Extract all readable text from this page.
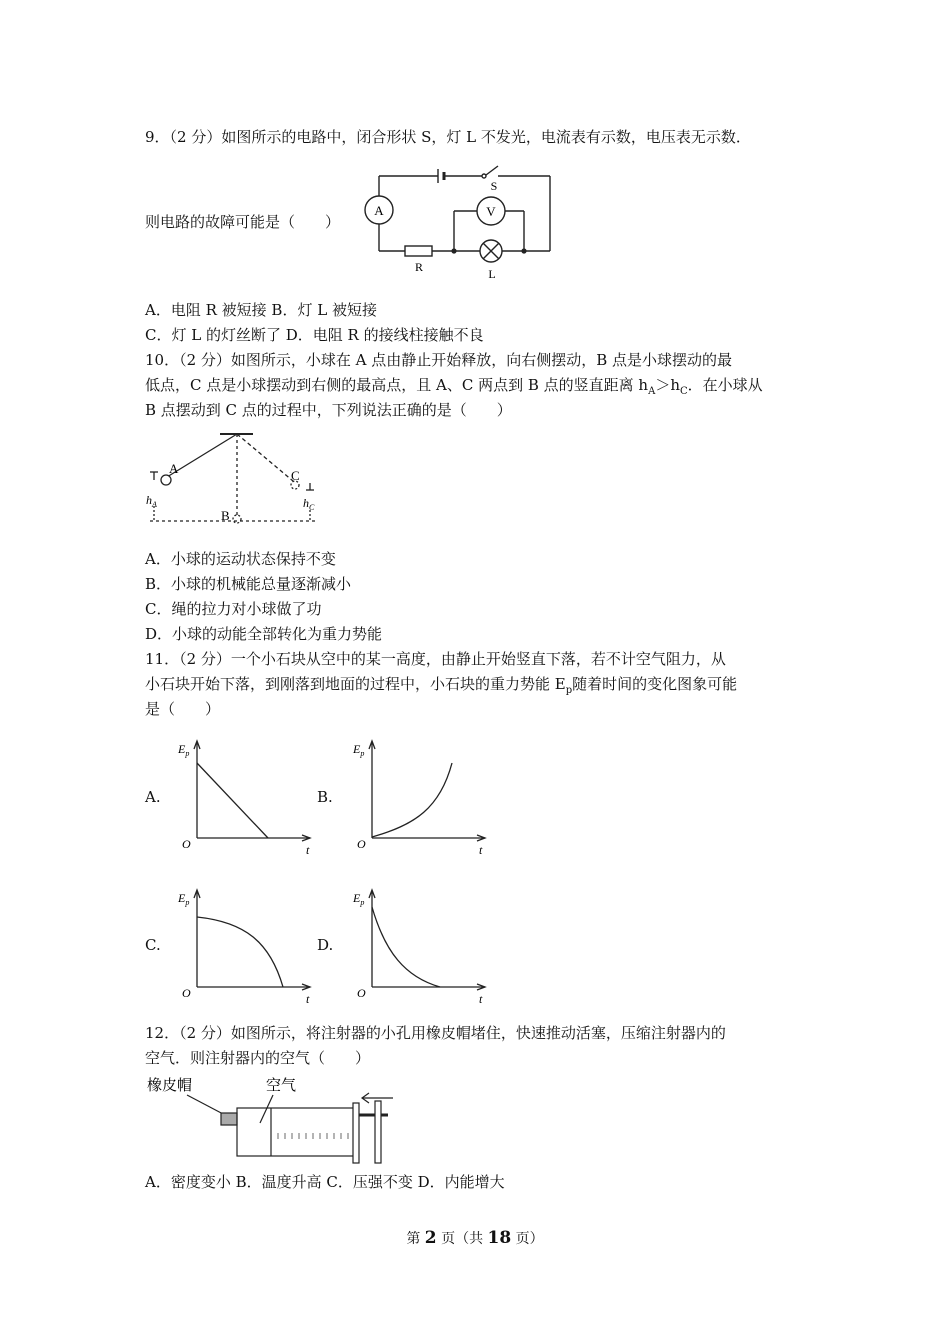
9．（2 分）如图所示的电路中，闭合形状 S，灯 L 不发光，电流表有示数，电压表无示数．
A	V
S
R	L
则电路的故障可能是（　　）
A．电阻 R 被短接 B．灯 L 被短接
C．灯 L 的灯丝断了 D．电阻 R 的接线柱接触不良
10．（2 分）如图所示，小球在 A 点由静止开始释放，向右侧摆动，B 点是小球摆动的最
低点，C 点是小球摆动到右侧的最高点，且 A、C 两点到 B 点的竖直距离 $h_A>h_C$．在小球从
B 点摆动到 C 点的过程中，下列说法正确的是（　　）
A
B
C
$h_A$	$h_C$
A．小球的运动状态保持不变
B．小球的机械能总量逐渐减小
C．绳的拉力对小球做了功
D．小球的动能全部转化为重力势能
11．（2 分）一个小石块从空中的某一高度，由静止开始竖直下落，若不计空气阻力，从
小石块开始下落，到刚落到地面的过程中，小石块的重力势能 $E_p$随着时间的变化图象可能
是（　　）
A.	B.
C.	D.
$E_p$
O	t
$E_p$
O	t
$E_p$
O	t
$E_p$
O	t
12．（2 分）如图所示，将注射器的小孔用橡皮帽堵住，快速推动活塞，压缩注射器内的
空气．则注射器内的空气（　　）
橡皮帽	空气
A．密度变小 B．温度升高 C．压强不变 D．内能增大
第 2 页（共 18 页）
